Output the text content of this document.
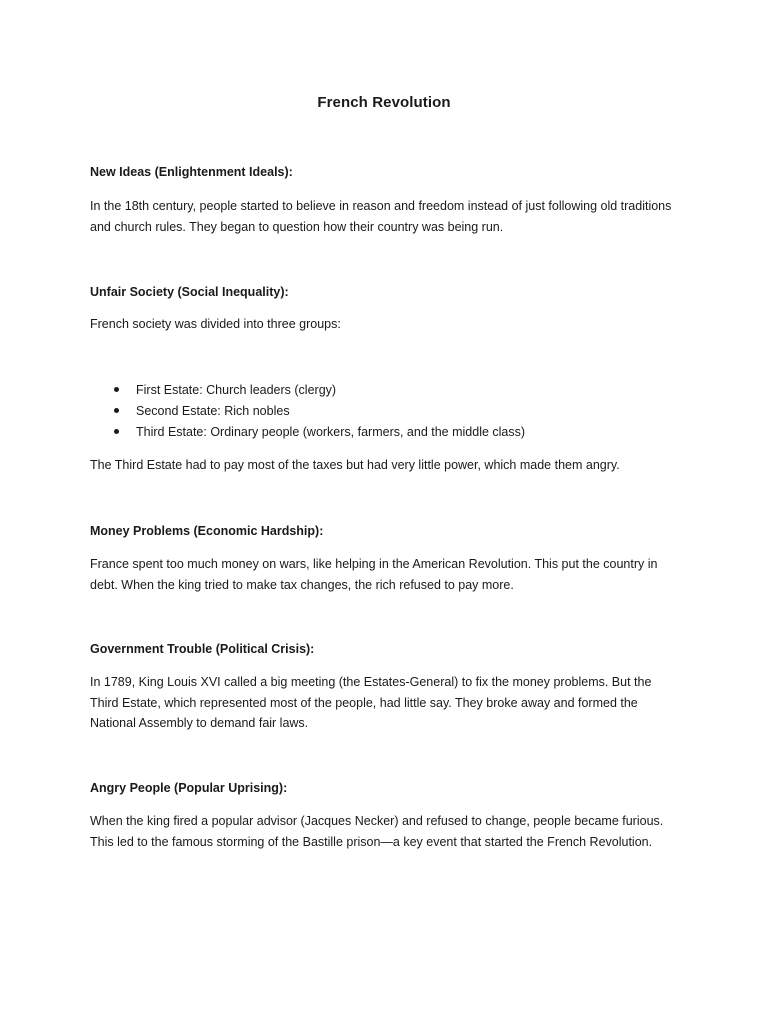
French Revolution

New Ideas (Enlightenment Ideals):

In the 18th century, people started to believe in reason and freedom instead of just following old traditions and church rules. They began to question how their country was being run.

Unfair Society (Social Inequality):

French society was divided into three groups:

First Estate: Church leaders (clergy)
Second Estate: Rich nobles
Third Estate: Ordinary people (workers, farmers, and the middle class)

The Third Estate had to pay most of the taxes but had very little power, which made them angry.

Money Problems (Economic Hardship):

France spent too much money on wars, like helping in the American Revolution. This put the country in debt. When the king tried to make tax changes, the rich refused to pay more.

Government Trouble (Political Crisis):

In 1789, King Louis XVI called a big meeting (the Estates-General) to fix the money problems. But the Third Estate, which represented most of the people, had little say. They broke away and formed the National Assembly to demand fair laws.

Angry People (Popular Uprising):

When the king fired a popular advisor (Jacques Necker) and refused to change, people became furious. This led to the famous storming of the Bastille prison—a key event that started the French Revolution.
